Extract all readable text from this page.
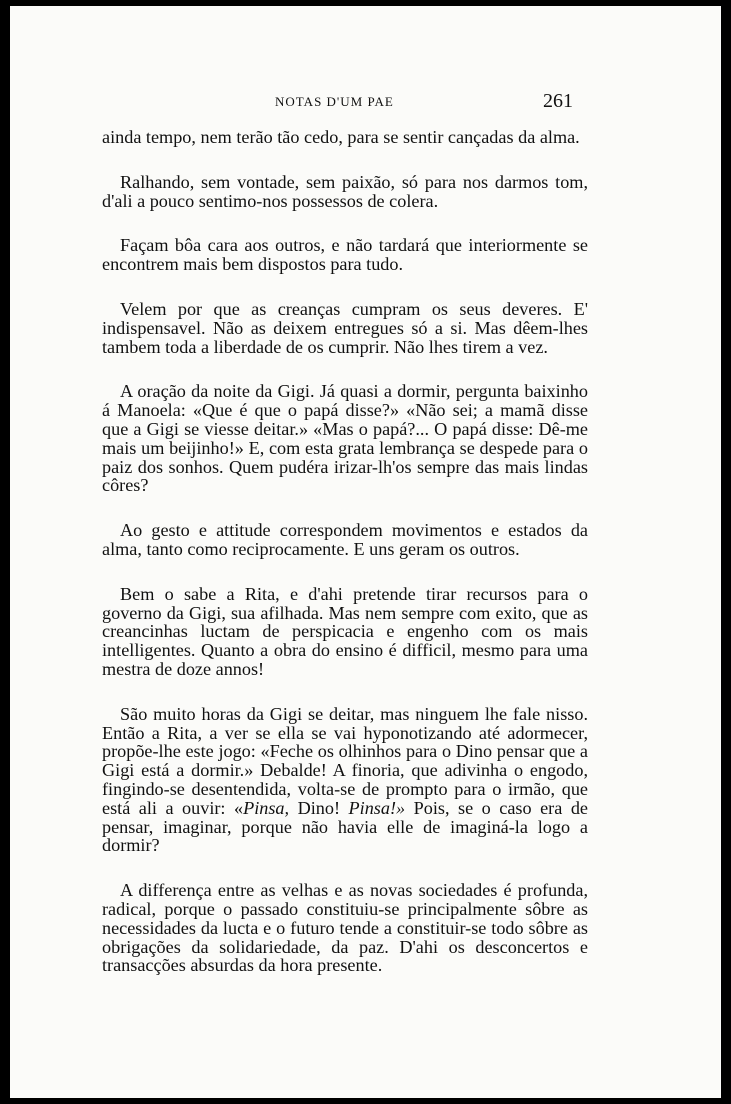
NOTAS D'UM PAE	261

ainda tempo, nem terão tão cedo, para se sentir cançadas da alma.

Ralhando, sem vontade, sem paixão, só para nos darmos tom, d'ali a pouco sentimo-nos possessos de colera.

Façam bôa cara aos outros, e não tardará que interiormente se encontrem mais bem dispostos para tudo.

Velem por que as creanças cumpram os seus deveres. E' indispensavel. Não as deixem entregues só a si. Mas dêem-lhes tambem toda a liberdade de os cumprir. Não lhes tirem a vez.

A oração da noite da Gigi. Já quasi a dormir, pergunta baixinho á Manoela: «Que é que o papá disse?» «Não sei; a mamã disse que a Gigi se viesse deitar.» «Mas o papá?... O papá disse: Dê-me mais um beijinho!» E, com esta grata lembrança se despede para o paiz dos sonhos. Quem pudéra irizar-lh'os sempre das mais lindas côres?

Ao gesto e attitude correspondem movimentos e estados da alma, tanto como reciprocamente. E uns geram os outros.

Bem o sabe a Rita, e d'ahi pretende tirar recursos para o governo da Gigi, sua afilhada. Mas nem sempre com exito, que as creancinhas luctam de perspicacia e engenho com os mais intelligentes. Quanto a obra do ensino é difficil, mesmo para uma mestra de doze annos!

São muito horas da Gigi se deitar, mas ninguem lhe fale nisso. Então a Rita, a ver se ella se vai hyponotizando até adormecer, propõe-lhe este jogo: «Feche os olhinhos para o Dino pensar que a Gigi está a dormir.» Debalde! A finoria, que adivinha o engodo, fingindo-se desentendida, volta-se de prompto para o irmão, que está ali a ouvir: «Pinsa, Dino! Pinsa!» Pois, se o caso era de pensar, imaginar, porque não havia elle de imaginá-la logo a dormir?

A differença entre as velhas e as novas sociedades é profunda, radical, porque o passado constituiu-se principalmente sôbre as necessidades da lucta e o futuro tende a constituir-se todo sôbre as obrigações da solidariedade, da paz. D'ahi os desconcertos e transacções absurdas da hora presente.
